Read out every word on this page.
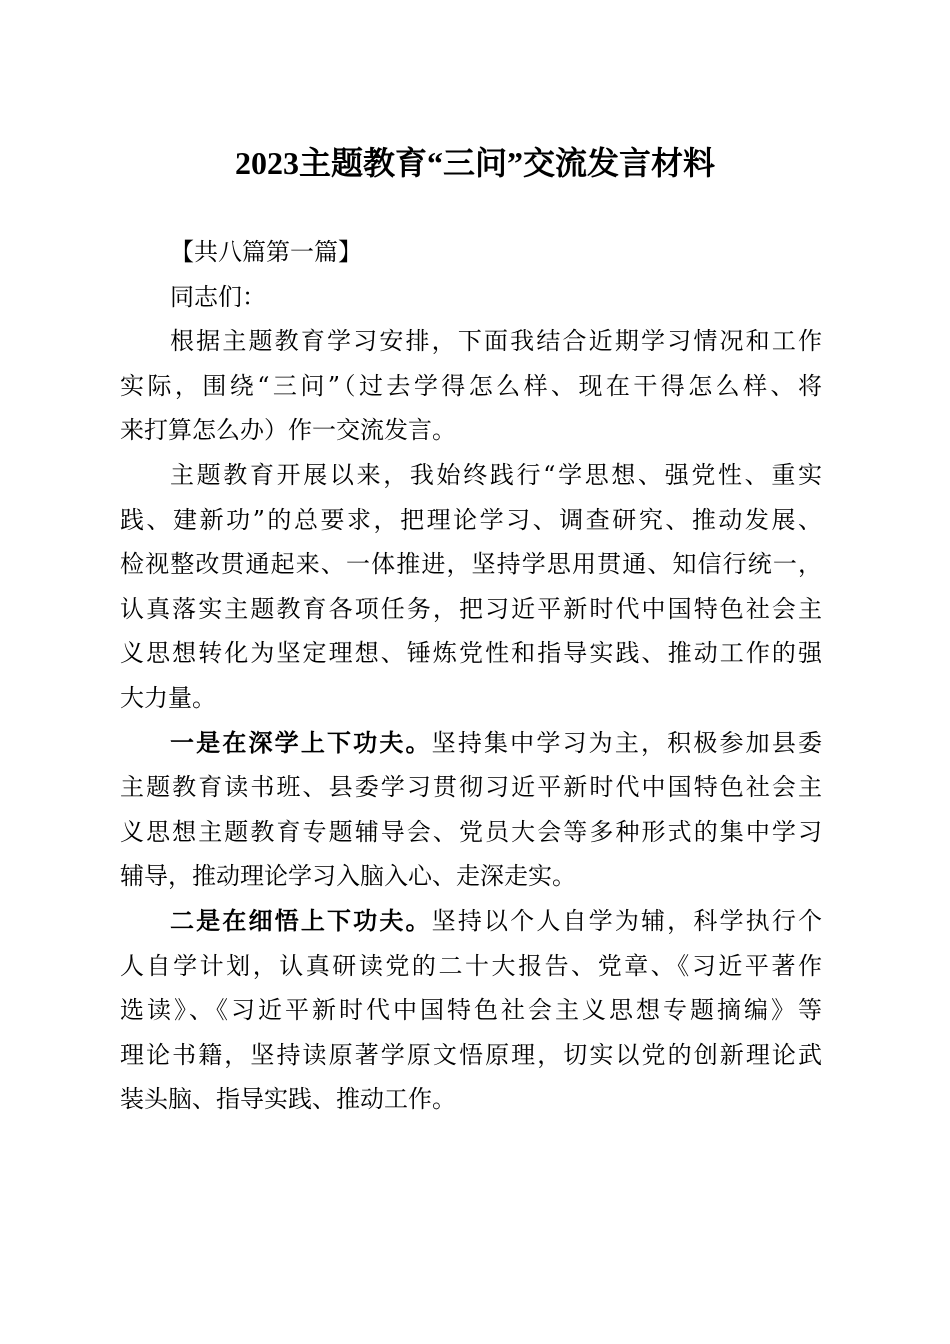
2023主题教育“三问”交流发言材料
【共八篇第一篇】
同志们：
根据主题教育学习安排，下面我结合近期学习情况和工作
实际，围绕“三问”（过去学得怎么样、现在干得怎么样、将
来打算怎么办）作一交流发言。
主题教育开展以来，我始终践行“学思想、强党性、重实
践、建新功”的总要求，把理论学习、调查研究、推动发展、
检视整改贯通起来、一体推进，坚持学思用贯通、知信行统一，
认真落实主题教育各项任务，把习近平新时代中国特色社会主
义思想转化为坚定理想、锤炼党性和指导实践、推动工作的强
大力量。
一是在深学上下功夫。坚持集中学习为主，积极参加县委
主题教育读书班、县委学习贯彻习近平新时代中国特色社会主
义思想主题教育专题辅导会、党员大会等多种形式的集中学习
辅导，推动理论学习入脑入心、走深走实。
二是在细悟上下功夫。坚持以个人自学为辅，科学执行个
人自学计划，认真研读党的二十大报告、党章、《习近平著作
选读》、《习近平新时代中国特色社会主义思想专题摘编》等
理论书籍，坚持读原著学原文悟原理，切实以党的创新理论武
装头脑、指导实践、推动工作。
